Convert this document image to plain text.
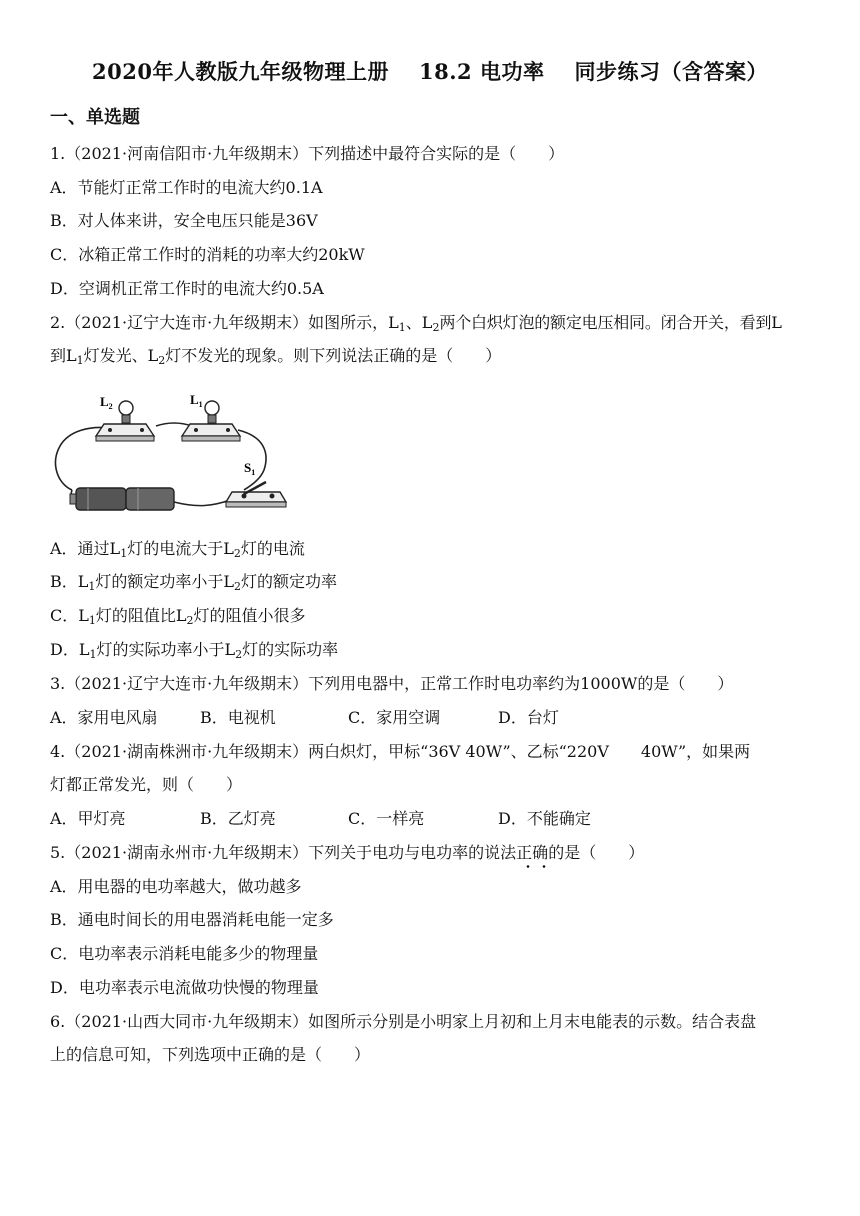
2020年人教版九年级物理上册 18.2 电功率 同步练习（含答案）
一、单选题
1.（2021·河南信阳市·九年级期末）下列描述中最符合实际的是（　　）
A．节能灯正常工作时的电流大约0.1A
B．对人体来讲，安全电压只能是36V
C．冰箱正常工作时的消耗的功率大约20kW
D．空调机正常工作时的电流大约0.5A
2.（2021·辽宁大连市·九年级期末）如图所示，$L_1$、$L_2$两个白炽灯泡的额定电压相同。闭合开关，看到L
到$L_1$灯发光、$L_2$灯不发光的现象。则下列说法正确的是（　　）
$L_2$	$L_1$
$S_1$
A．通过$L_1$灯的电流大于$L_2$灯的电流
B．$L_1$灯的额定功率小于$L_2$灯的额定功率
C．$L_1$灯的阻值比$L_2$灯的阻值小很多
D．$L_1$灯的实际功率小于$L_2$灯的实际功率
3.（2021·辽宁大连市·九年级期末）下列用电器中，正常工作时电功率约为1000W的是（　　）
A．家用电风扇	B．电视机	C．家用空调	D．台灯
4.（2021·湖南株洲市·九年级期末）两白炽灯，甲标“36V 40W”、乙标“220V　　40W”，如果两
灯都正常发光，则（　　）
A．甲灯亮	B．乙灯亮	C．一样亮	D．不能确定
5.（2021·湖南永州市·九年级期末）下列关于电功与电功率的说法正确的是（　　）
A．用电器的电功率越大，做功越多
B．通电时间长的用电器消耗电能一定多
C．电功率表示消耗电能多少的物理量
D．电功率表示电流做功快慢的物理量
6.（2021·山西大同市·九年级期末）如图所示分别是小明家上月初和上月末电能表的示数。结合表盘
上的信息可知，下列选项中正确的是（　　）
